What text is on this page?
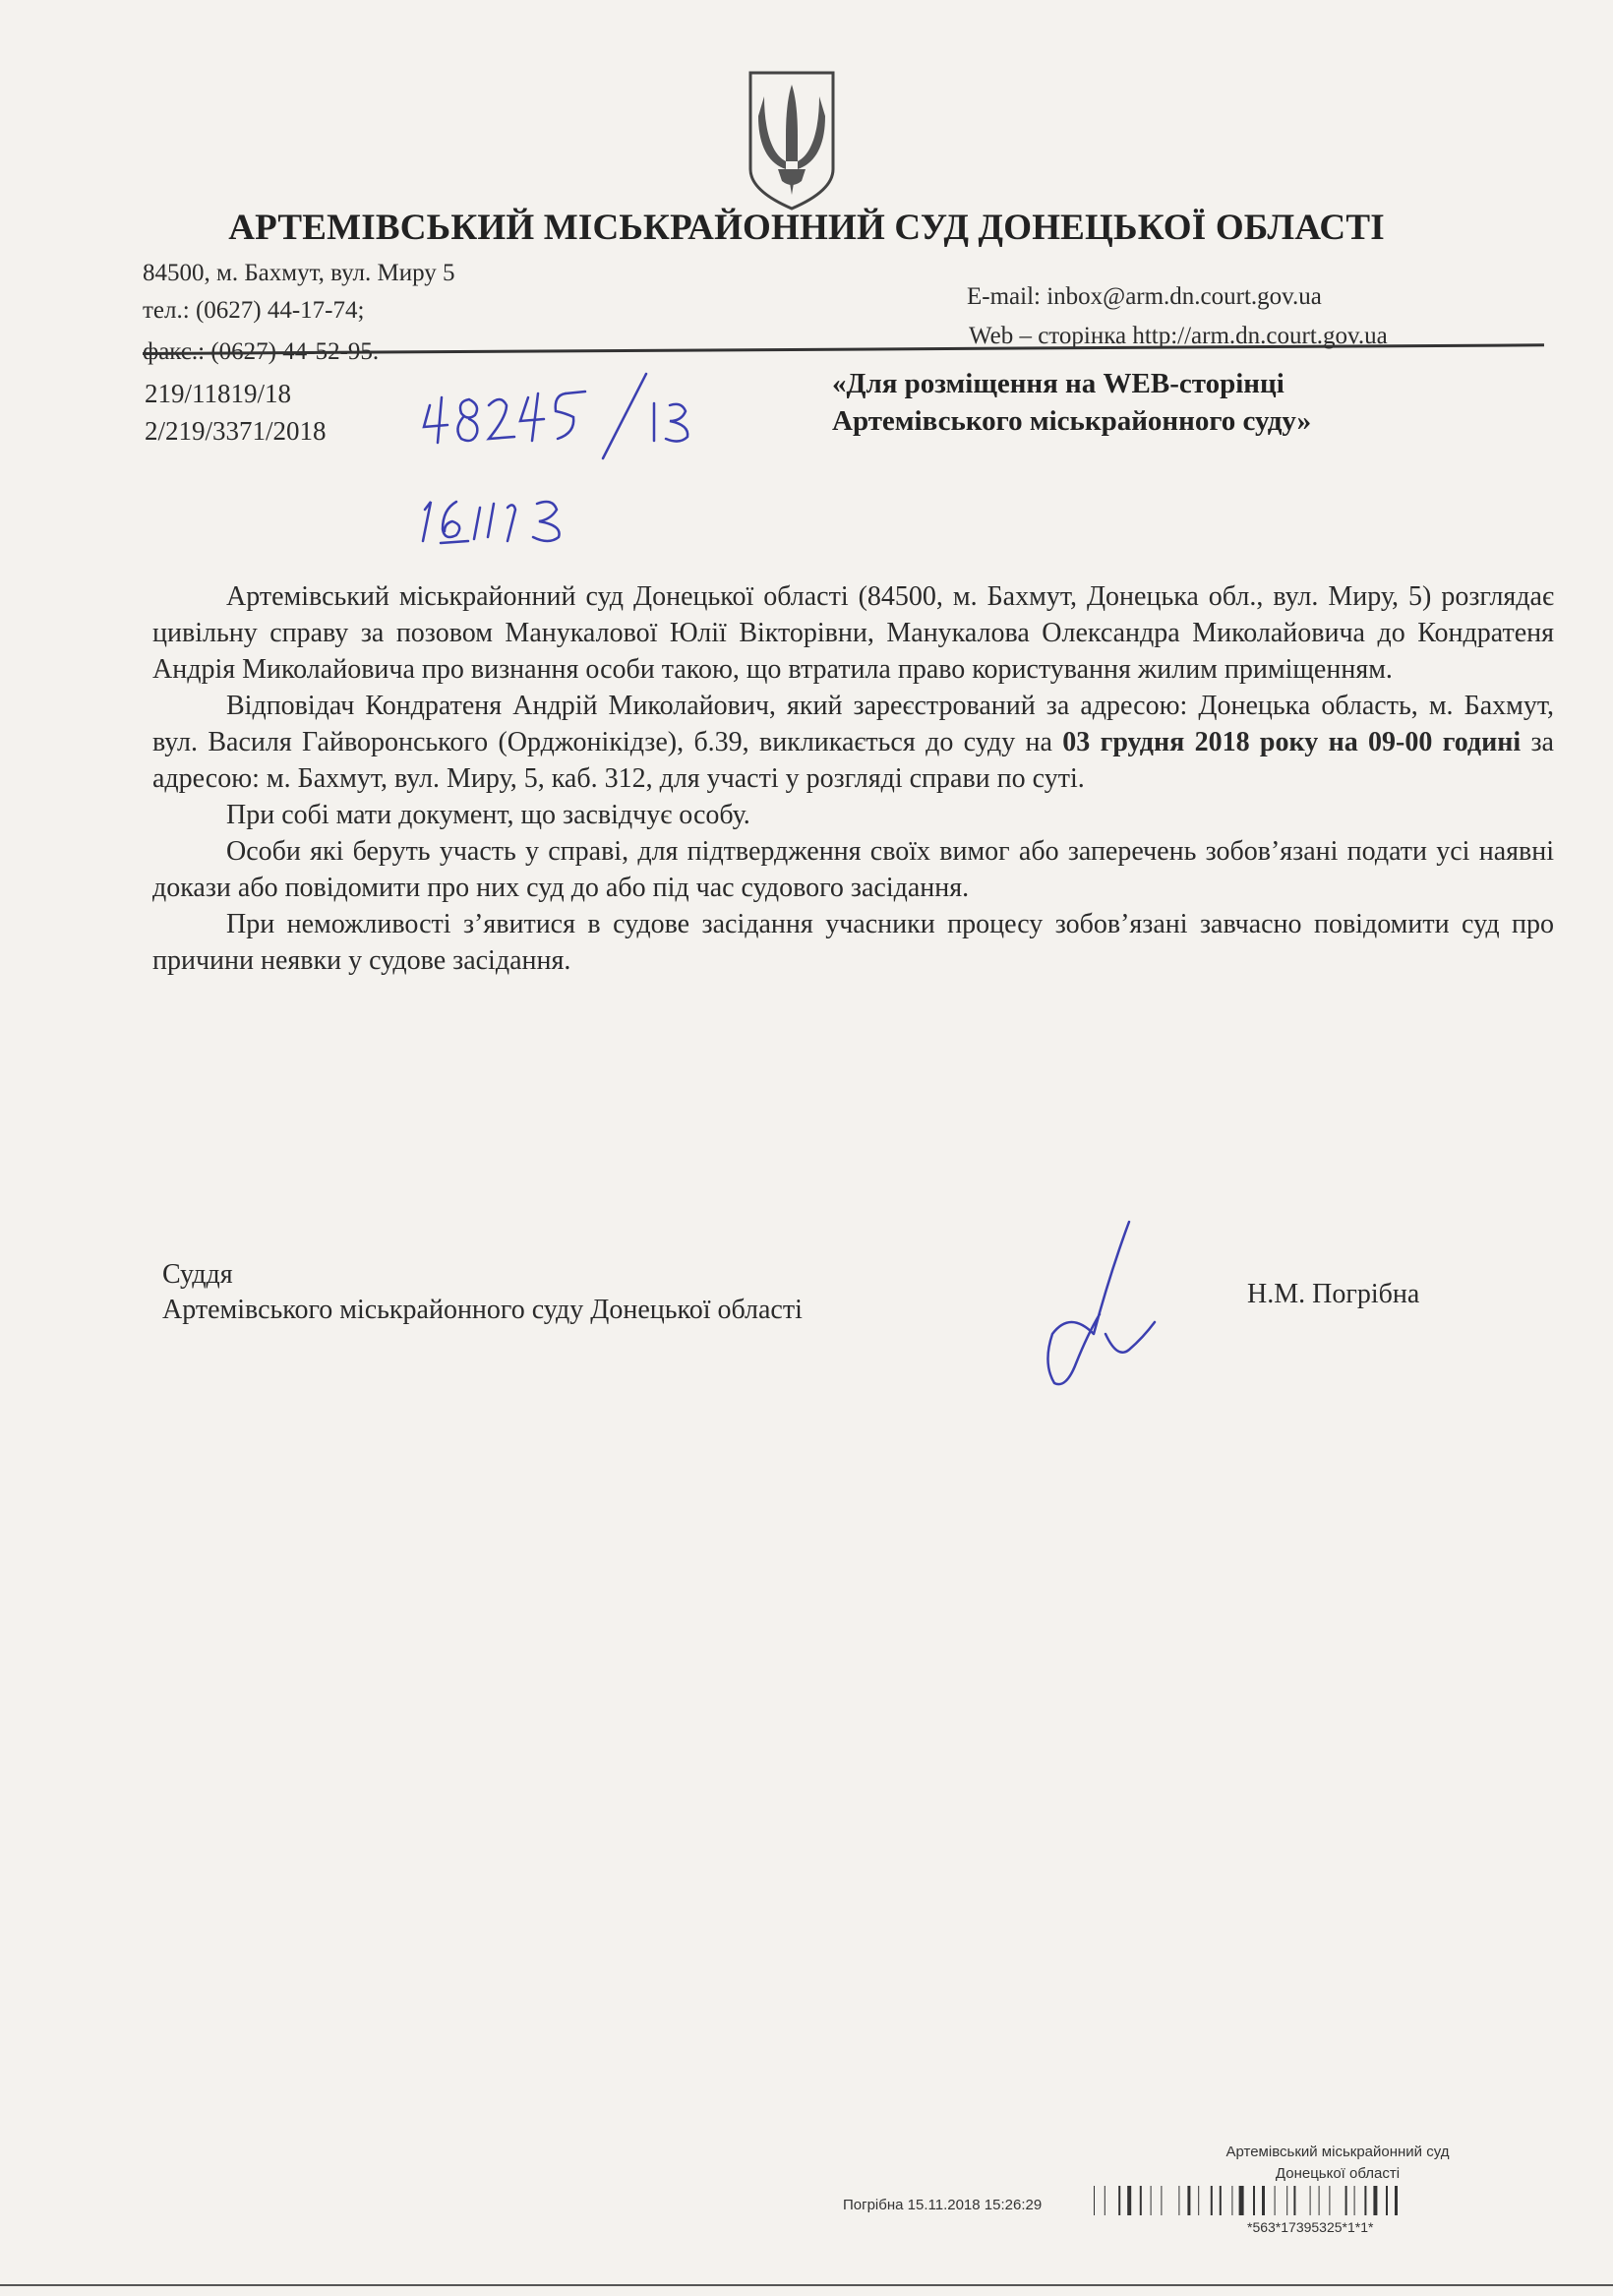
АРТЕМІВСЬКИЙ МІСЬКРАЙОННИЙ СУД ДОНЕЦЬКОЇ ОБЛАСТІ
84500, м. Бахмут, вул. Миру 5
тел.: (0627) 44-17-74;
факс.: (0627) 44-52-95.
E-mail: inbox@arm.dn.court.gov.ua
Web – сторінка http://arm.dn.court.gov.ua
219/11819/18
2/219/3371/2018
«Для розміщення на WEB-сторінці
Артемівського міськрайонного суду»

Артемівський міськрайонний суд Донецької області (84500, м. Бахмут, Донецька обл., вул. Миру, 5) розглядає цивільну справу за позовом Манукалової Юлії Вікторівни, Манукалова Олександра Миколайовича до Кондратеня Андрія Миколайовича про визнання особи такою, що втратила право користування жилим приміщенням.

Відповідач Кондратеня Андрій Миколайович, який зареєстрований за адресою: Донецька область, м. Бахмут, вул. Василя Гайворонського (Орджонікідзе), б.39, викликається до суду на 03 грудня 2018 року на 09-00 годині за адресою: м. Бахмут, вул. Миру, 5, каб. 312, для участі у розгляді справи по суті.

При собі мати документ, що засвідчує особу.

Особи які беруть участь у справі, для підтвердження своїх вимог або заперечень зобов’язані подати усі наявні докази або повідомити про них суд до або під час судового засідання.

При неможливості з’явитися в судове засідання учасники процесу зобов’язані завчасно повідомити суд про причини неявки у судове засідання.

Суддя
Артемівського міськрайонного суду Донецької області
Н.М. Погрібна
Артемівський міськрайонний суд
Донецької області
Погрібна 15.11.2018 15:26:29
*563*17395325*1*1*
